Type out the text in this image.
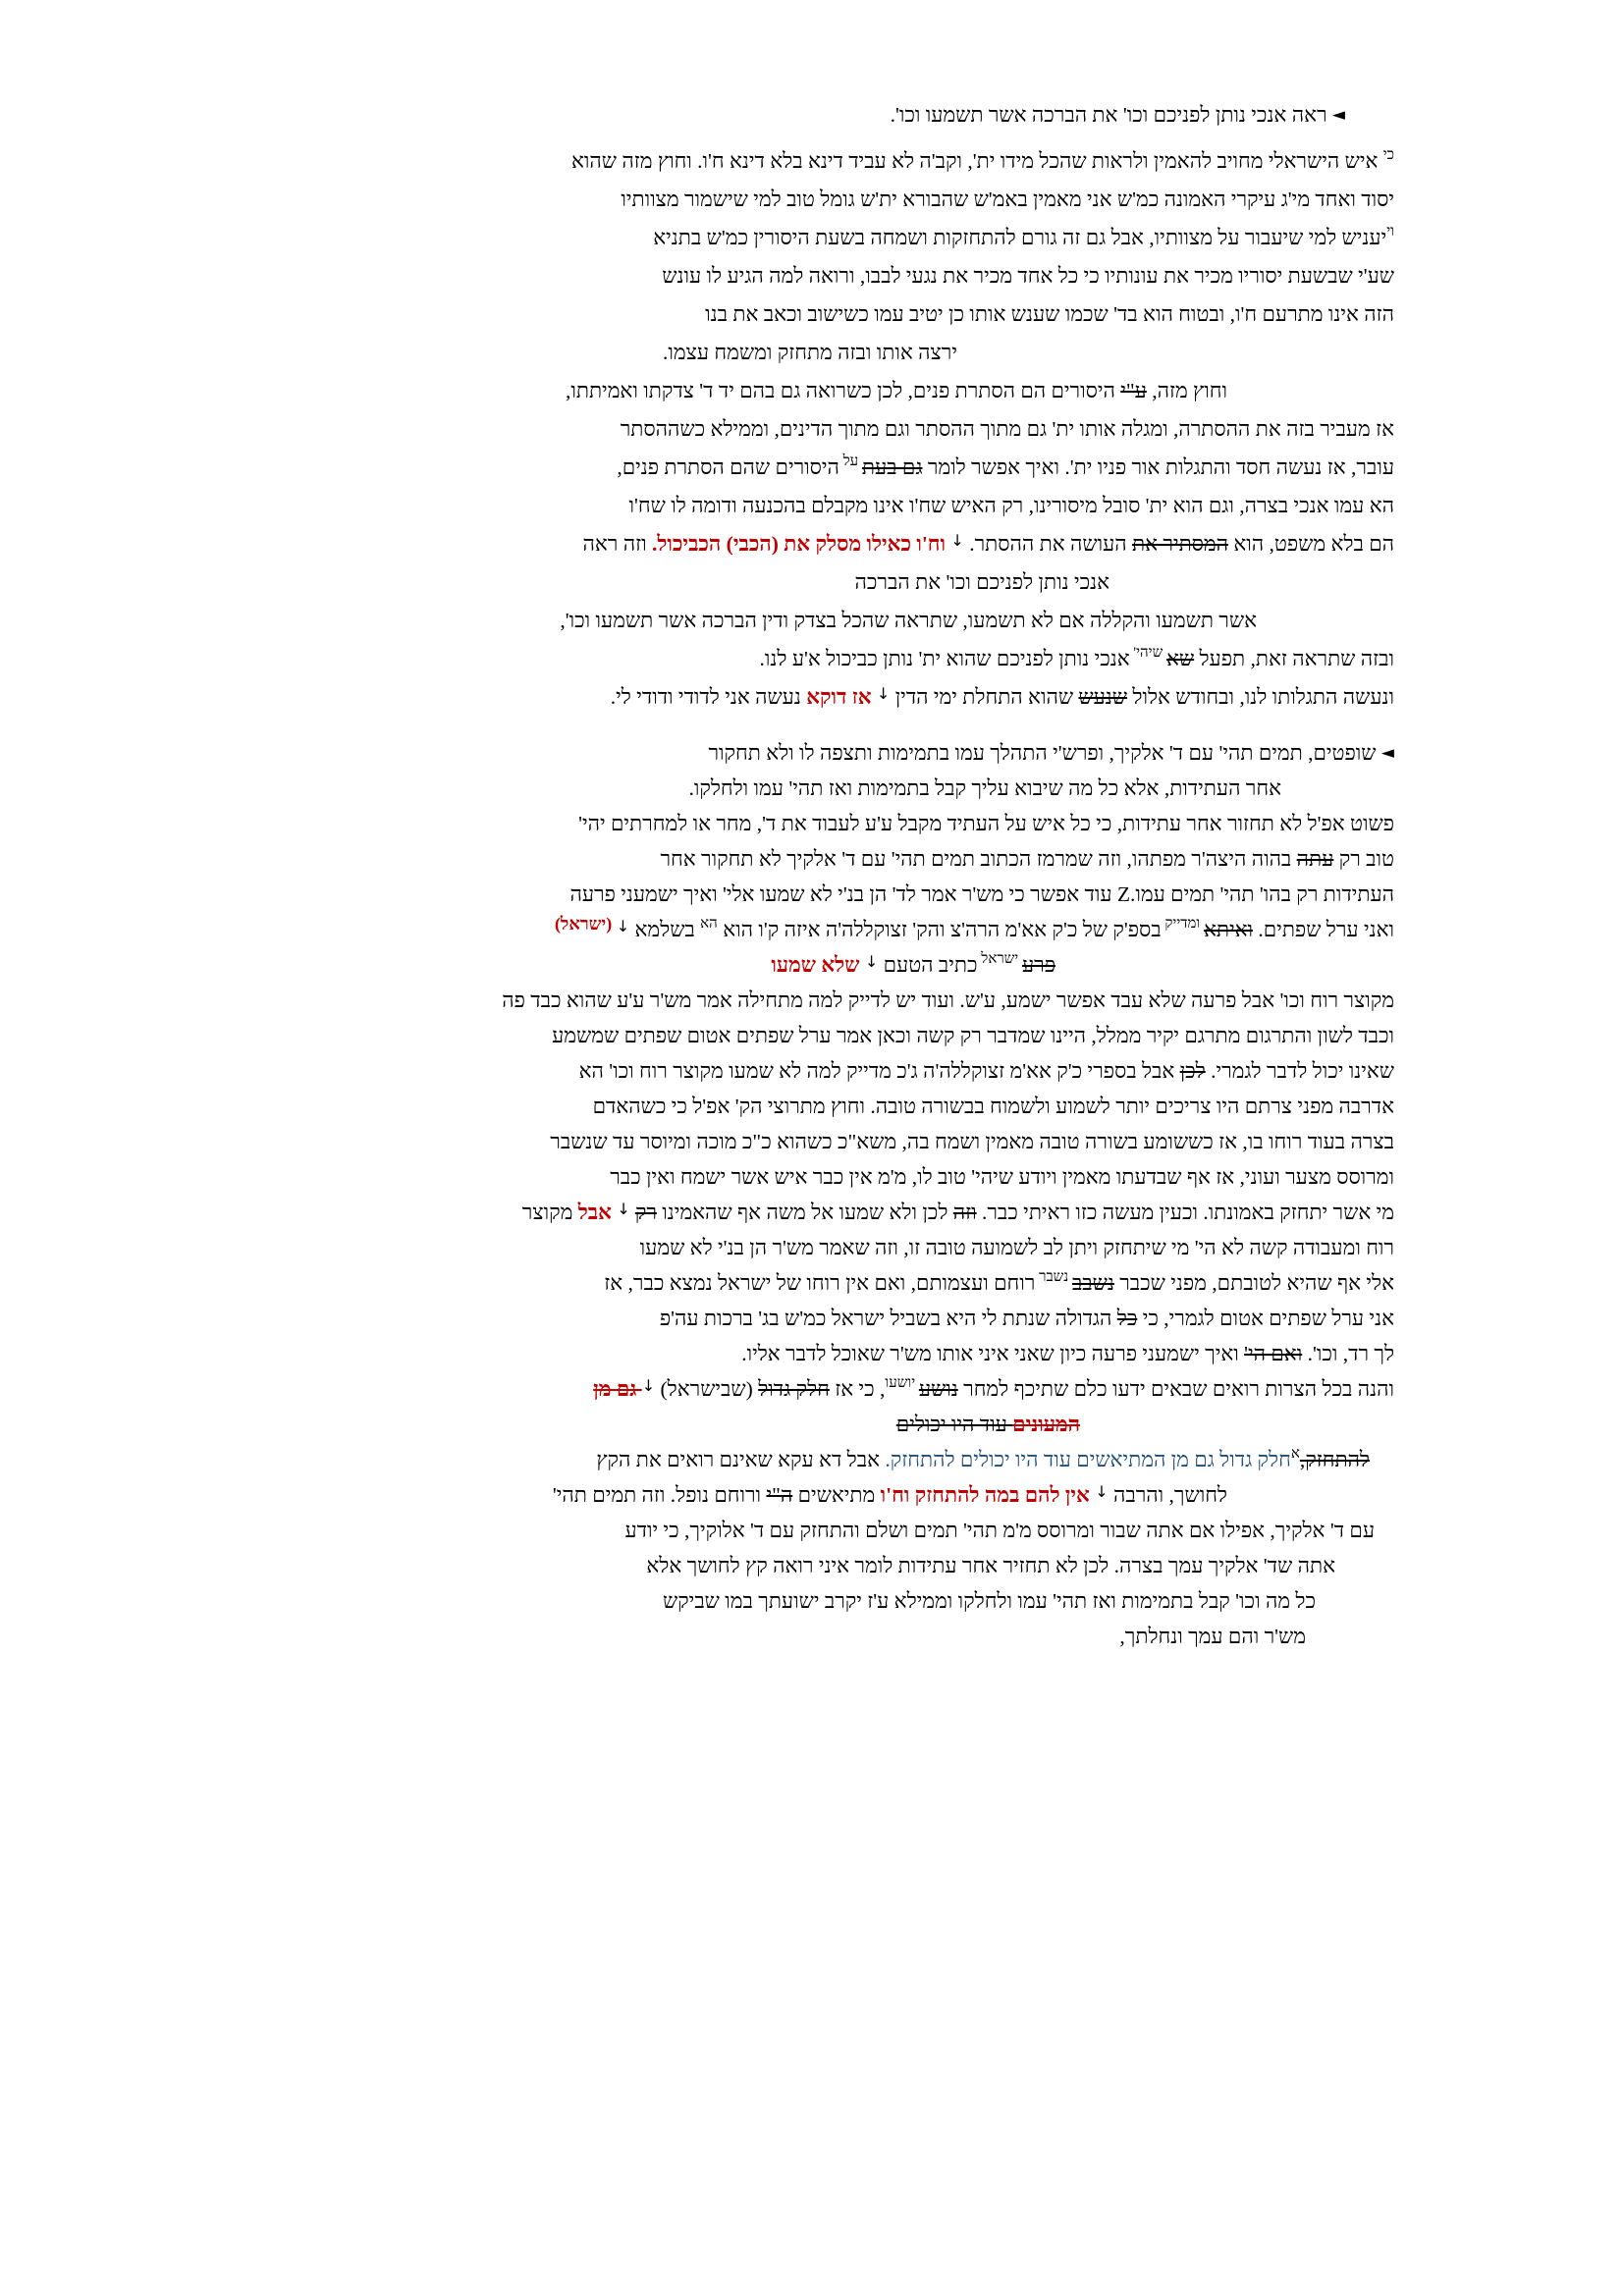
◄ ראה אנכי נותן לפניכם וכו' את הברכה אשר תשמעו וכו'.
$^{כי}$ איש הישראלי מחויב להאמין ולראות שהכל מידו ית', וקב'ה לא עביד דינא בלא דינא ח'ו. וחוץ מזה שהוא
יסוד ואחד מי'ג עיקרי האמונה כמ'ש אני מאמין באמ'ש שהבורא ית'ש גומל טוב למי שישמור מצוותיו
$^{וי}$יעניש למי שיעבור על מצוותיו, אבל גם זה גורם להתחזקות ושמחה בשעת היסורין כמ'ש בתניא
שע'י שבשעת יסוריו מכיר את עונותיו כי כל אחד מכיר את נגעי לבבו, ורואה למה הגיע לו עונש
הזה אינו מתרעם ח'ו, ובטוח הוא בד' שכמו שענש אותו כן יטיב עמו כשישוב וכאב את בנו
ירצה אותו ובזה מתחזק ומשמח עצמו.
וחוץ מזה, ע"י היסורים הם הסתרת פנים, לכן כשרואה גם בהם יד ד' צדקתו ואמיתתו,
אז מעביר בזה את ההסתרה, ומגלה אותו ית' גם מתוך ההסתר וגם מתוך הדינים, וממילא כשההסתר
עובר, אז נעשה חסד והתגלות אור פניו ית'. ואיך אפשר לומר גם בעת $^{על}$ היסורים שהם הסתרת פנים,
הא עמו אנכי בצרה, וגם הוא ית' סובל מיסורינו, רק האיש שח'ו אינו מקבלם בהכנעה ודומה לו שח'ו
הם בלא משפט, הוא המסתיר את העושה את ההסתר. ↓ וח'ו כאילו מסלק את (הכבי) הכביכול. וזה ראה
אנכי נותן לפניכם וכו' את הברכה
אשר תשמעו והקללה אם לא תשמעו, שתראה שהכל בצדק ודין הברכה אשר תשמעו וכו',
ובזה שתראה זאת, תפעל שא $^{שיהי'}$ אנכי נותן לפניכם שהוא ית' נותן כביכול א'ע לנו.
ונעשה התגלותו לנו, ובחודש אלול שנעש שהוא התחלת ימי הדין ↓ אז דוקא נעשה אני לדודי ודודי לי.
◄ שופטים, תמים תהי' עם ד' אלקיך, ופרש'י התהלך עמו בתמימות ותצפה לו ולא תחקור
אחר העתידות, אלא כל מה שיבוא עליך קבל בתמימות ואז תהי' עמו ולחלקו.
פשוט אפ'ל לא תחזור אחר עתידות, כי כל איש על העתיד מקבל ע'ע לעבוד את ד', מחר או למחרתים יהי'
טוב רק עתה בהוה היצה'ר מפתהו, וזה שמרמז הכתוב תמים תהי' עם ד' אלקיך לא תחקור אחר
העתידות רק בהו' תהי' תמים עמו.Z עוד אפשר כי מש'ר אמר לד' הן בנ'י לא שמעו אלי' ואיך ישמעני פרעה
ואני ערל שפתים. ואיתא $^{ומדייק}$ בספ'ק של כ'ק אא'מ הרה'צ והק' זצוקללה'ה איזה ק'ו הוא $^{הא}$ בשלמא ↓ $^{(ישראל)}$
פרע $^{ישראל}$ כתיב הטעם ↓ שלא שמעו
מקוצר רוח וכו' אבל פרעה שלא עבד אפשר ישמע, ע'ש. ועוד יש לדייק למה מתחילה אמר מש'ר ע'ע שהוא כבד פה
וכבד לשון והתרגום מתרגם יקיר ממלל, היינו שמדבר רק קשה וכאן אמר ערל שפתים אטום שפתים שמשמע
שאינו יכול לדבר לגמרי. לכן אבל בספרי כ'ק אא'מ זצוקללה'ה ג'כ מדייק למה לא שמעו מקוצר רוח וכו' הא
אדרבה מפני צרתם היו צריכים יותר לשמוע ולשמוח בבשורה טובה. וחוץ מתרוצי הק' אפ'ל כי כשהאדם
בצרה בעוד רוחו בו, אז כששומע בשורה טובה מאמין ושמח בה, משא"כ כשהוא כ"כ מוכה ומיוסר עד שנשבר
ומרוסס מצער ועוני, אז אף שבדעתו מאמין ויודע שיהי' טוב לו, מ'מ אין כבר איש אשר ישמח ואין כבר
מי אשר יתחזק באמונתו. וכעין מעשה כזו ראיתי כבר. וזה לכן ולא שמעו אל משה אף שהאמינו רק ↓ אבל מקוצר
רוח ומעבודה קשה לא הי' מי שיתחזק ויתן לב לשמועה טובה זו, וזה שאמר מש'ר הן בנ'י לא שמעו
אלי אף שהיא לטובתם, מפני שכבר נשבב $^{נשבר}$ רוחם ועצמותם, ואם אין רוחו של ישראל נמצא כבר, אז
אני ערל שפתים אטום לגמרי, כי כל הגדולה שנתת לי היא בשביל ישראל כמ'ש בג' ברכות עה'פ
לך רד, וכו'. ואם הי' ואיך ישמעני פרעה כיון שאני איני אותו מש'ר שאוכל לדבר אליו.
והנה בכל הצרות רואים שבאים ידעו כלם שתיכף למחר נושע $^{יושעו}$, כי אז חלק גדול (שבישראל) ↓ גם מן
המעונים עוד היו יכולים
להתחזק,$^א$חלק גדול גם מן המתיאשים עוד היו יכולים להתחזק. אבל דא עקא שאינם רואים את הקץ
לחושך, והרבה ↓ אין להם במה להתחזק וח'ו מתיאשים ה"י ורוחם נופל. וזה תמים תהי'
עם ד' אלקיך, אפילו אם אתה שבור ומרוסס מ'מ תהי' תמים ושלם והתחזק עם ד' אלוקיך, כי יודע
אתה שד' אלקיך עמך בצרה. לכן לא תחזיר אחר עתידות לומר איני רואה קץ לחושך אלא
כל מה וכו' קבל בתמימות ואז תהי' עמו ולחלקו וממילא ע'ז יקרב ישועתך במו שביקש
מש'ר והם עמך ונחלתך,
